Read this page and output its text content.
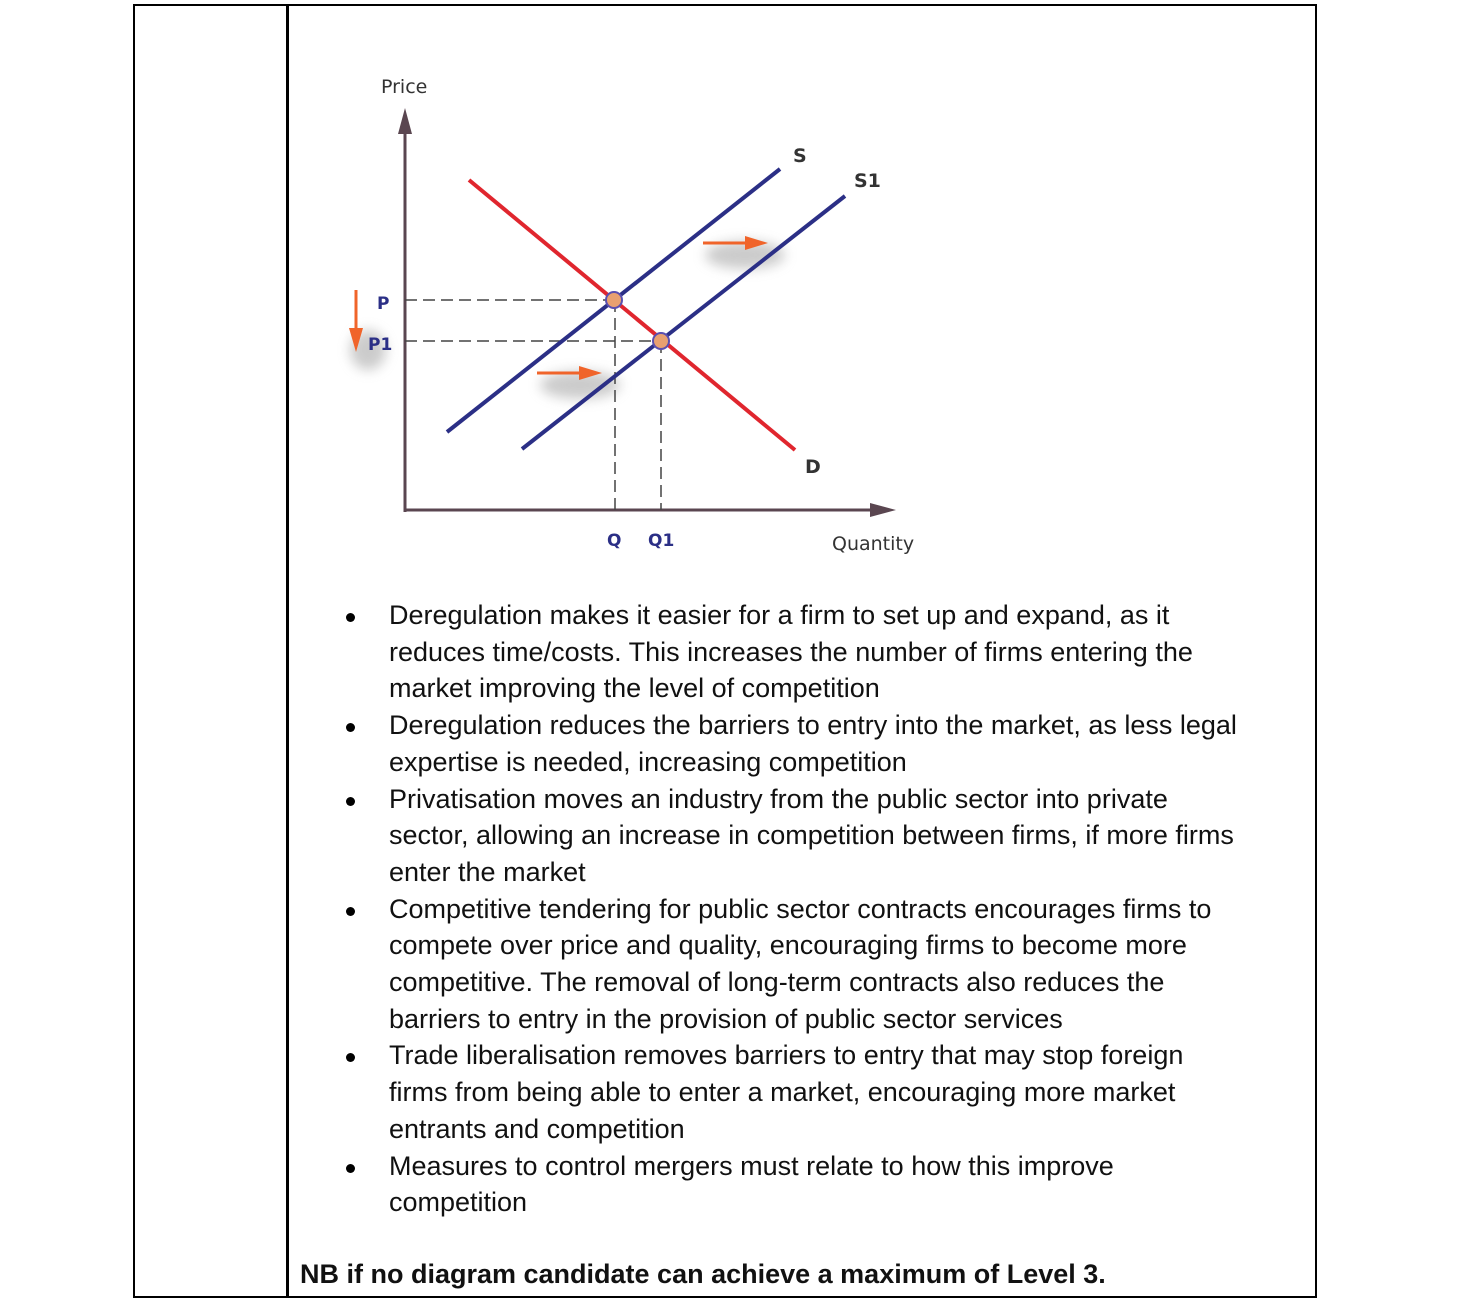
Price
Quantity
S
S1
D
P
P1
Q Q1
Deregulation makes it easier for a firm to set up and expand, as it
reduces time/costs. This increases the number of firms entering the
market improving the level of competition
Deregulation reduces the barriers to entry into the market, as less legal
expertise is needed, increasing competition
Privatisation moves an industry from the public sector into private
sector, allowing an increase in competition between firms, if more firms
enter the market
Competitive tendering for public sector contracts encourages firms to
compete over price and quality, encouraging firms to become more
competitive. The removal of long-term contracts also reduces the
barriers to entry in the provision of public sector services
Trade liberalisation removes barriers to entry that may stop foreign
firms from being able to enter a market, encouraging more market
entrants and competition
Measures to control mergers must relate to how this improve
competition
NB if no diagram candidate can achieve a maximum of Level 3.
